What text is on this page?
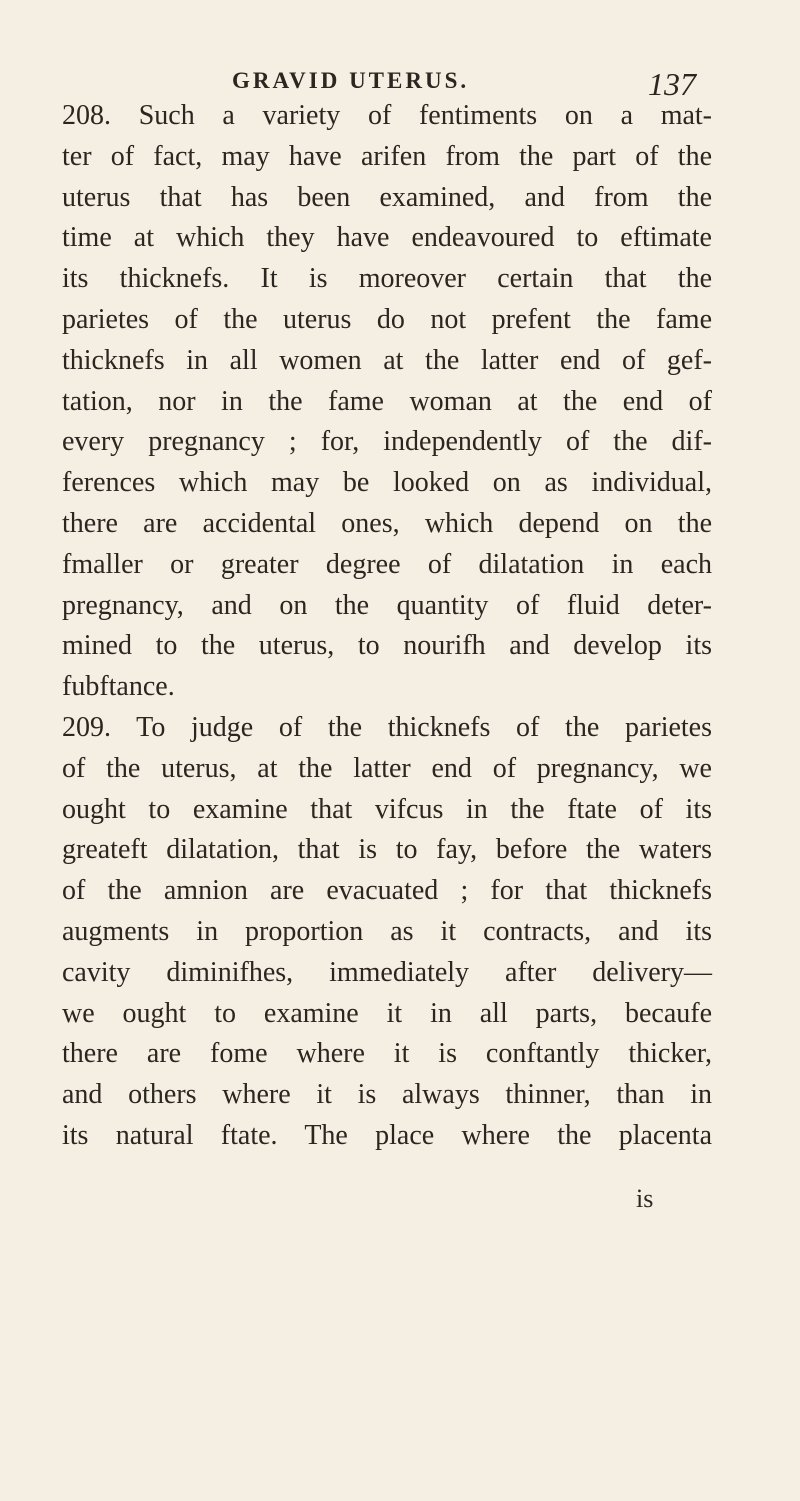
GRAVID UTERUS.	137
208. Such a variety of fentiments on a mat-
ter of fact, may have arifen from the part of the
uterus that has been examined, and from the
time at which they have endeavoured to eftimate
its thicknefs. It is moreover certain that the
parietes of the uterus do not prefent the fame
thicknefs in all women at the latter end of gef-
tation, nor in the fame woman at the end of
every pregnancy ; for, independently of the dif-
ferences which may be looked on as individual,
there are accidental ones, which depend on the
fmaller or greater degree of dilatation in each
pregnancy, and on the quantity of fluid deter-
mined to the uterus, to nourifh and develop its
fubftance.
209. To judge of the thicknefs of the parietes
of the uterus, at the latter end of pregnancy, we
ought to examine that vifcus in the ftate of its
greateft dilatation, that is to fay, before the waters
of the amnion are evacuated ; for that thicknefs
augments in proportion as it contracts, and its
cavity diminifhes, immediately after delivery—
we ought to examine it in all parts, becaufe
there are fome where it is conftantly thicker,
and others where it is always thinner, than in
its natural ftate. The place where the placenta
is
